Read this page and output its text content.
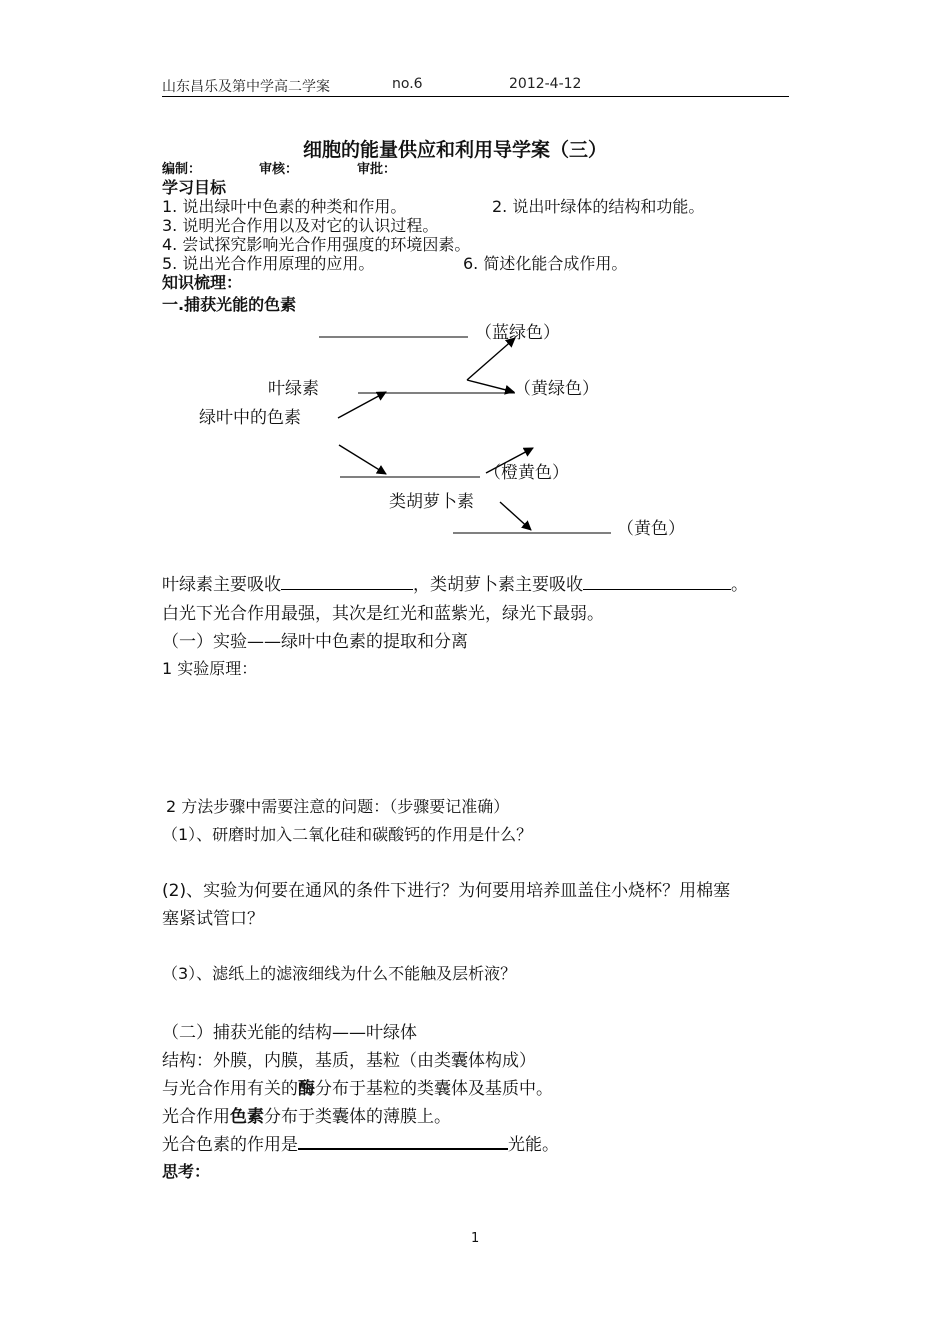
山东昌乐及第中学高二学案	no.6	2012-4-12
细胞的能量供应和利用导学案（三）
编制：	审核：	审批：
学习目标
1. 说出绿叶中色素的种类和作用。	2. 说出叶绿体的结构和功能。
3. 说明光合作用以及对它的认识过程。
4. 尝试探究影响光合作用强度的环境因素。
5. 说出光合作用原理的应用。	6. 简述化能合成作用。
知识梳理：
一.捕获光能的色素
（蓝绿色）
叶绿素	（黄绿色）
绿叶中的色素
（橙黄色）
类胡萝卜素
（黄色）
叶绿素主要吸收	，类胡萝卜素主要吸收	。
白光下光合作用最强，其次是红光和蓝紫光，绿光下最弱。
（一）实验——绿叶中色素的提取和分离
1 实验原理：
2 方法步骤中需要注意的问题：（步骤要记准确）
（1）、研磨时加入二氧化硅和碳酸钙的作用是什么？
(2)、实验为何要在通风的条件下进行？为何要用培养皿盖住小烧杯？用棉塞
塞紧试管口？
（3）、滤纸上的滤液细线为什么不能触及层析液？
（二）捕获光能的结构——叶绿体
结构：外膜，内膜，基质，基粒（由类囊体构成）
与光合作用有关的酶分布于基粒的类囊体及基质中。
光合作用色素分布于类囊体的薄膜上。
光合色素的作用是	光能。
思考：
1
